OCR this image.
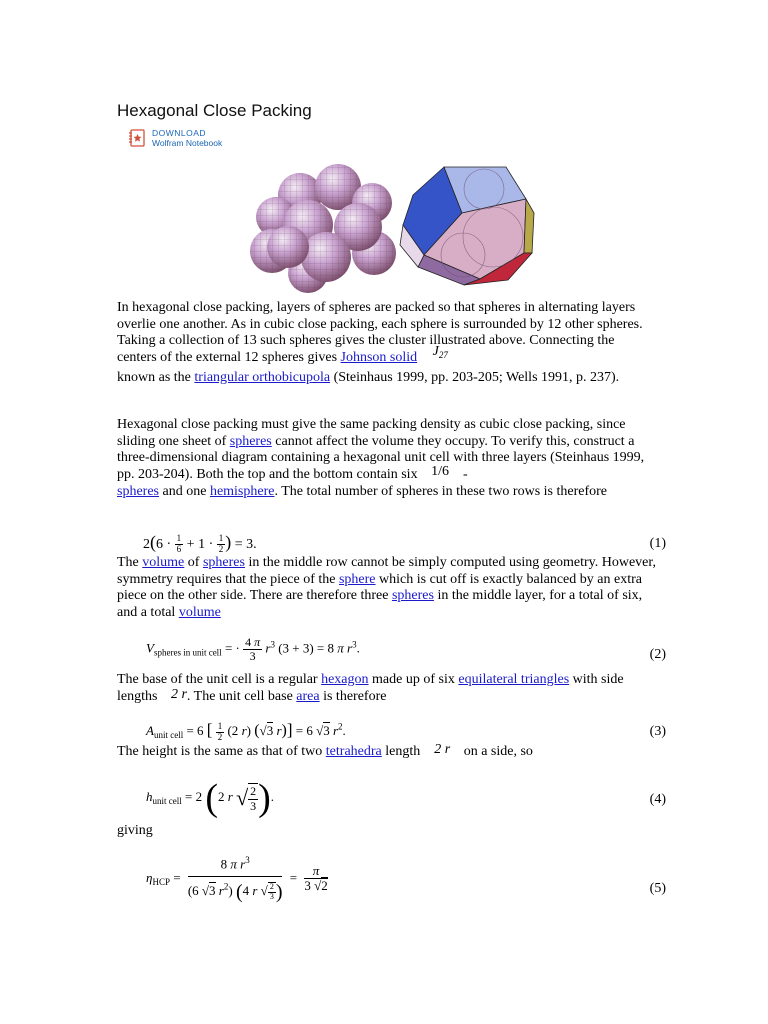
Hexagonal Close Packing
DOWNLOAD
Wolfram Notebook
In hexagonal close packing, layers of spheres are packed so that spheres in alternating layers overlie one another. As in cubic close packing, each sphere is surrounded by 12 other spheres. Taking a collection of 13 such spheres gives the cluster illustrated above. Connecting the centers of the external 12 spheres gives Johnson solid $J_{27}$
known as the triangular orthobicupola (Steinhaus 1999, pp. 203-205; Wells 1991, p. 237).
Hexagonal close packing must give the same packing density as cubic close packing, since sliding one sheet of spheres cannot affect the volume they occupy. To verify this, construct a three-dimensional diagram containing a hexagonal unit cell with three layers (Steinhaus 1999, pp. 203-204). Both the top and the bottom contain six 1/6 -
spheres and one hemisphere. The total number of spheres in these two rows is therefore
$2(6 \cdot \frac{1}{6} + 1 \cdot \frac{1}{2}$ ) = 3.	(1)
The volume of spheres in the middle row cannot be simply computed using geometry. However, symmetry requires that the piece of the sphere which is cut off is exactly balanced by an extra piece on the other side. There are therefore three spheres in the middle layer, for a total of six, and a total volume
$V_{spheres in unit cell}$ = · $\frac{4 \pi}{3} r^3$ (3 + 3) = 8 π $r^3$.	(2)
The base of the unit cell is a regular hexagon made up of six equilateral triangles with side lengths 2 r. The unit cell base area is therefore
$A_{unit cell} = 6$ [ $\frac{1}{2} (2$ r) (√3 r)] = 6 √3 $r^2$.	(3)
The height is the same as that of two tetrahedra length 2 r on a side, so
$h_{unit cell} = 2$ (2 r √ $\frac{2}{3}$ ).	(4)
giving
$\eta_{HCP} = \frac{8 \pi r^3}{(6 √3 r^2) (4 r √ \frac{2}{3} )} = \frac{\pi}{3 √2}$	(5)
